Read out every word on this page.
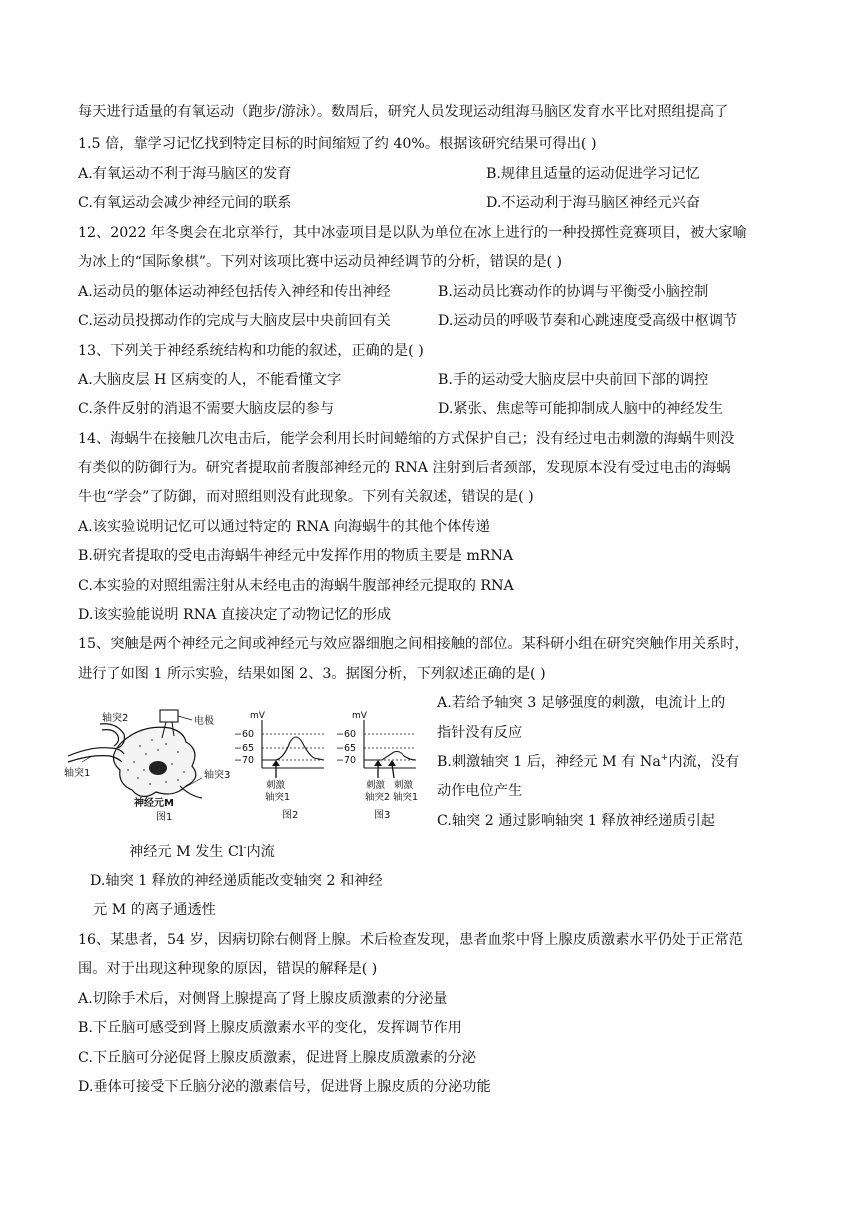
每天进行适量的有氧运动（跑步/游泳）。数周后，研究人员发现运动组海马脑区发育水平比对照组提高了
1.5 倍，靠学习记忆找到特定目标的时间缩短了约 40%。根据该研究结果可得出( )
A.有氧运动不利于海马脑区的发育	B.规律且适量的运动促进学习记忆
C.有氧运动会减少神经元间的联系	D.不运动利于海马脑区神经元兴奋
12、2022 年冬奥会在北京举行，其中冰壶项目是以队为单位在冰上进行的一种投掷性竞赛项目，被大家喻
为冰上的“国际象棋”。下列对该项比赛中运动员神经调节的分析，错误的是( )
A.运动员的躯体运动神经包括传入神经和传出神经	B.运动员比赛动作的协调与平衡受小脑控制
C.运动员投掷动作的完成与大脑皮层中央前回有关	D.运动员的呼吸节奏和心跳速度受高级中枢调节
13、下列关于神经系统结构和功能的叙述，正确的是( )
A.大脑皮层 H 区病变的人，不能看懂文字	B.手的运动受大脑皮层中央前回下部的调控
C.条件反射的消退不需要大脑皮层的参与	D.紧张、焦虑等可能抑制成人脑中的神经发生
14、海蜗牛在接触几次电击后，能学会利用长时间蜷缩的方式保护自己；没有经过电击刺激的海蜗牛则没
有类似的防御行为。研究者提取前者腹部神经元的 RNA 注射到后者颈部，发现原本没有受过电击的海蜗
牛也“学会”了防御，而对照组则没有此现象。下列有关叙述，错误的是( )
A.该实验说明记忆可以通过特定的 RNA 向海蜗牛的其他个体传递
B.研究者提取的受电击海蜗牛神经元中发挥作用的物质主要是 mRNA
C.本实验的对照组需注射从未经电击的海蜗牛腹部神经元提取的 RNA
D.该实验能说明 RNA 直接决定了动物记忆的形成
15、突触是两个神经元之间或神经元与效应器细胞之间相接触的部位。某科研小组在研究突触作用关系时，
进行了如图 1 所示实验，结果如图 2、3。据图分析，下列叙述正确的是( )
A.若给予轴突 3 足够强度的刺激，电流计上的
指针没有反应
B.刺激轴突 1 后，神经元 M 有 Na+内流，没有
动作电位产生
C.轴突 2 通过影响轴突 1 释放神经递质引起
神经元 M 发生 Cl-内流
D.轴突 1 释放的神经递质能改变轴突 2 和神经
元 M 的离子通透性
轴突2	电极
轴突1	轴突3
神经元M
图1
mV
−60
−65
−70
刺激
轴突1
图2
mV
−60
−65
−70
刺激
轴突2
刺激
轴突1
图3
16、某患者，54 岁，因病切除右侧肾上腺。术后检查发现，患者血浆中肾上腺皮质激素水平仍处于正常范
围。对于出现这种现象的原因，错误的解释是( )
A.切除手术后，对侧肾上腺提高了肾上腺皮质激素的分泌量
B.下丘脑可感受到肾上腺皮质激素水平的变化，发挥调节作用
C.下丘脑可分泌促肾上腺皮质激素，促进肾上腺皮质激素的分泌
D.垂体可接受下丘脑分泌的激素信号，促进肾上腺皮质的分泌功能
